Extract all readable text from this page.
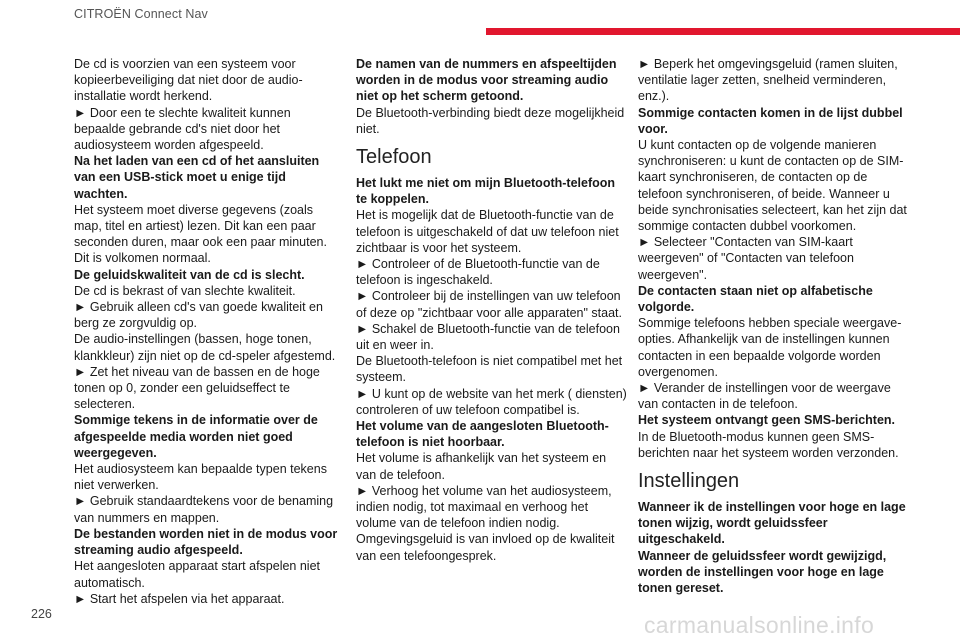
CITROËN Connect Nav

De cd is voorzien van een systeem voor kopieerbeveiliging dat niet door de audio-installatie wordt herkend.

► Door een te slechte kwaliteit kunnen bepaalde gebrande cd's niet door het audiosysteem worden afgespeeld.

Na het laden van een cd of het aansluiten van een USB-stick moet u enige tijd wachten.

Het systeem moet diverse gegevens (zoals map, titel en artiest) lezen. Dit kan een paar seconden duren, maar ook een paar minuten.

Dit is volkomen normaal.

De geluidskwaliteit van de cd is slecht.

De cd is bekrast of van slechte kwaliteit.

► Gebruik alleen cd's van goede kwaliteit en berg ze zorgvuldig op.

De audio-instellingen (bassen, hoge tonen, klankkleur) zijn niet op de cd-speler afgestemd.

► Zet het niveau van de bassen en de hoge tonen op 0, zonder een geluidseffect te selecteren.

Sommige tekens in de informatie over de afgespeelde media worden niet goed weergegeven.

Het audiosysteem kan bepaalde typen tekens niet verwerken.

► Gebruik standaardtekens voor de benaming van nummers en mappen.

De bestanden worden niet in de modus voor streaming audio afgespeeld.

Het aangesloten apparaat start afspelen niet automatisch.

► Start het afspelen via het apparaat.

De namen van de nummers en afspeeltijden worden in de modus voor streaming audio niet op het scherm getoond.

De Bluetooth-verbinding biedt deze mogelijkheid niet.

Telefoon

Het lukt me niet om mijn Bluetooth-telefoon te koppelen.

Het is mogelijk dat de Bluetooth-functie van de telefoon is uitgeschakeld of dat uw telefoon niet zichtbaar is voor het systeem.

► Controleer of de Bluetooth-functie van de telefoon is ingeschakeld.

► Controleer bij de instellingen van uw telefoon of deze op "zichtbaar voor alle apparaten" staat.

► Schakel de Bluetooth-functie van de telefoon uit en weer in.

De Bluetooth-telefoon is niet compatibel met het systeem.

► U kunt op de website van het merk ( diensten) controleren of uw telefoon compatibel is.

Het volume van de aangesloten Bluetooth-telefoon is niet hoorbaar.

Het volume is afhankelijk van het systeem en van de telefoon.

► Verhoog het volume van het audiosysteem, indien nodig, tot maximaal en verhoog het volume van de telefoon indien nodig.

Omgevingsgeluid is van invloed op de kwaliteit van een telefoongesprek.

► Beperk het omgevingsgeluid (ramen sluiten, ventilatie lager zetten, snelheid verminderen, enz.).

Sommige contacten komen in de lijst dubbel voor.

U kunt contacten op de volgende manieren synchroniseren: u kunt de contacten op de SIM-kaart synchroniseren, de contacten op de telefoon synchroniseren, of beide. Wanneer u beide synchronisaties selecteert, kan het zijn dat sommige contacten dubbel voorkomen.

► Selecteer "Contacten van SIM-kaart weergeven" of "Contacten van telefoon weergeven".

De contacten staan niet op alfabetische volgorde.

Sommige telefoons hebben speciale weergave-opties. Afhankelijk van de instellingen kunnen contacten in een bepaalde volgorde worden overgenomen.

► Verander de instellingen voor de weergave van contacten in de telefoon.

Het systeem ontvangt geen SMS-berichten.

In de Bluetooth-modus kunnen geen SMS-berichten naar het systeem worden verzonden.

Instellingen

Wanneer ik de instellingen voor hoge en lage tonen wijzig, wordt geluidssfeer uitgeschakeld.

Wanneer de geluidssfeer wordt gewijzigd, worden de instellingen voor hoge en lage tonen gereset.

226	carmanualsonline.info
